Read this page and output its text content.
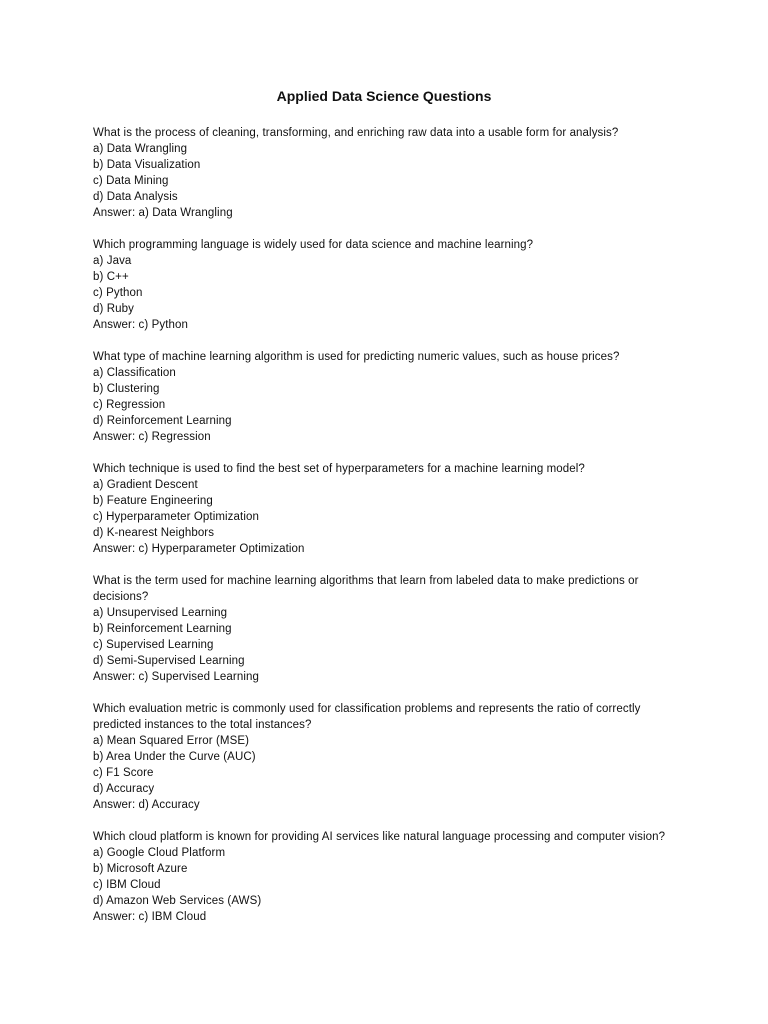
Applied Data Science Questions
What is the process of cleaning, transforming, and enriching raw data into a usable form for analysis?
a) Data Wrangling
b) Data Visualization
c) Data Mining
d) Data Analysis
Answer: a) Data Wrangling
Which programming language is widely used for data science and machine learning?
a) Java
b) C++
c) Python
d) Ruby
Answer: c) Python
What type of machine learning algorithm is used for predicting numeric values, such as house prices?
a) Classification
b) Clustering
c) Regression
d) Reinforcement Learning
Answer: c) Regression
Which technique is used to find the best set of hyperparameters for a machine learning model?
a) Gradient Descent
b) Feature Engineering
c) Hyperparameter Optimization
d) K-nearest Neighbors
Answer: c) Hyperparameter Optimization
What is the term used for machine learning algorithms that learn from labeled data to make predictions or
decisions?
a) Unsupervised Learning
b) Reinforcement Learning
c) Supervised Learning
d) Semi-Supervised Learning
Answer: c) Supervised Learning
Which evaluation metric is commonly used for classification problems and represents the ratio of correctly
predicted instances to the total instances?
a) Mean Squared Error (MSE)
b) Area Under the Curve (AUC)
c) F1 Score
d) Accuracy
Answer: d) Accuracy
Which cloud platform is known for providing AI services like natural language processing and computer vision?
a) Google Cloud Platform
b) Microsoft Azure
c) IBM Cloud
d) Amazon Web Services (AWS)
Answer: c) IBM Cloud
